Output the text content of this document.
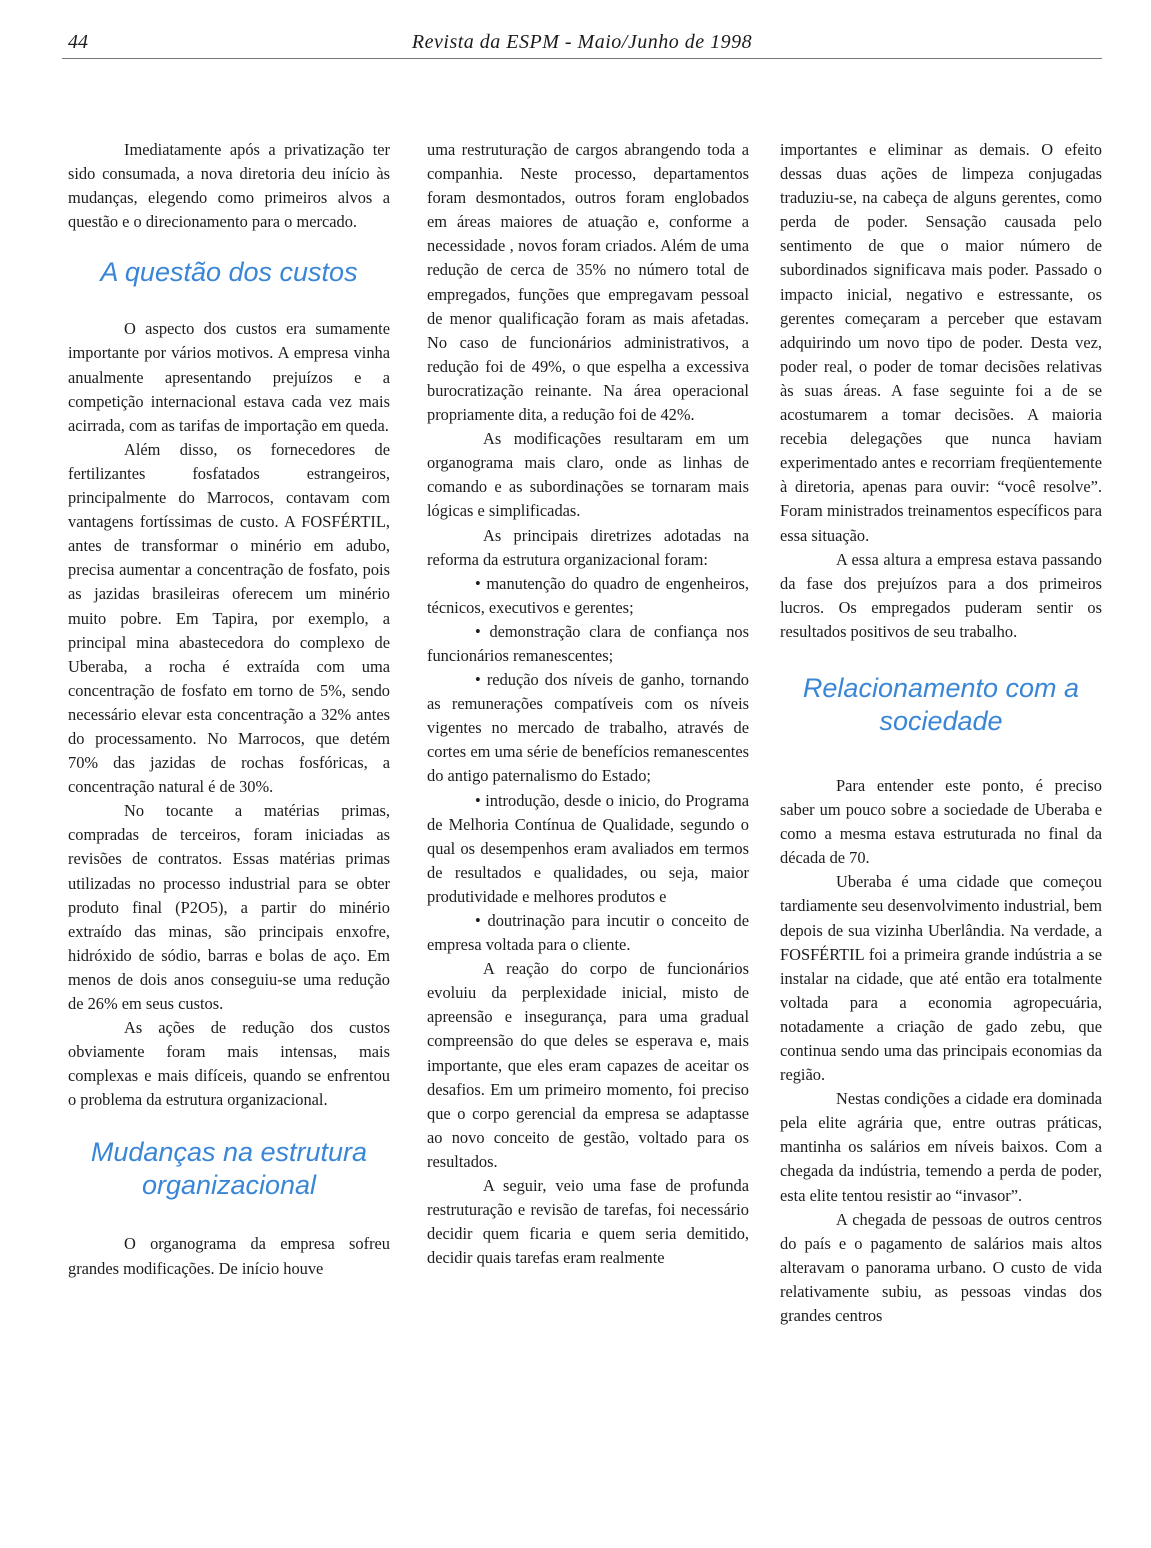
44	Revista da ESPM - Maio/Junho de 1998

Imediatamente após a privatização ter sido consumada, a nova diretoria deu início às mudanças, elegendo como primeiros alvos a questão e o direcionamento para o mercado.

A questão dos custos

O aspecto dos custos era sumamente importante por vários motivos. A empresa vinha anualmente apresentando prejuízos e a competição internacional estava cada vez mais acirrada, com as tarifas de importação em queda.

Além disso, os fornecedores de fertilizantes fosfatados estrangeiros, principalmente do Marrocos, contavam com vantagens fortíssimas de custo. A FOSFÉRTIL, antes de transformar o minério em adubo, precisa aumentar a concentração de fosfato, pois as jazidas brasileiras oferecem um minério muito pobre. Em Tapira, por exemplo, a principal mina abastecedora do complexo de Uberaba, a rocha é extraída com uma concentração de fosfato em torno de 5%, sendo necessário elevar esta concentração a 32% antes do processamento. No Marrocos, que detém 70% das jazidas de rochas fosfóricas, a concentração natural é de 30%.

No tocante a matérias primas, compradas de terceiros, foram iniciadas as revisões de contratos. Essas matérias primas utilizadas no processo industrial para se obter produto final (P2O5), a partir do minério extraído das minas, são principais enxofre, hidróxido de sódio, barras e bolas de aço. Em menos de dois anos conseguiu-se uma redução de 26% em seus custos.

As ações de redução dos custos obviamente foram mais intensas, mais complexas e mais difíceis, quando se enfrentou o problema da estrutura organizacional.

Mudanças na estrutura organizacional

O organograma da empresa sofreu grandes modificações. De início houve

uma restruturação de cargos abrangendo toda a companhia. Neste processo, departamentos foram desmontados, outros foram englobados em áreas maiores de atuação e, conforme a necessidade , novos foram criados. Além de uma redução de cerca de 35% no número total de empregados, funções que empregavam pessoal de menor qualificação foram as mais afetadas. No caso de funcionários administrativos, a redução foi de 49%, o que espelha a excessiva burocratização reinante. Na área operacional propriamente dita, a redução foi de 42%.

As modificações resultaram em um organograma mais claro, onde as linhas de comando e as subordinações se tornaram mais lógicas e simplificadas.

As principais diretrizes adotadas na reforma da estrutura organizacional foram:

• manutenção do quadro de engenheiros, técnicos, executivos e gerentes;

• demonstração clara de confiança nos funcionários remanescentes;

• redução dos níveis de ganho, tornando as remunerações compatíveis com os níveis vigentes no mercado de trabalho, através de cortes em uma série de benefícios remanescentes do antigo paternalismo do Estado;

• introdução, desde o inicio, do Programa de Melhoria Contínua de Qualidade, segundo o qual os desempenhos eram avaliados em termos de resultados e qualidades, ou seja, maior produtividade e melhores produtos e

• doutrinação para incutir o conceito de empresa voltada para o cliente.

A reação do corpo de funcionários evoluiu da perplexidade inicial, misto de apreensão e insegurança, para uma gradual compreensão do que deles se esperava e, mais importante, que eles eram capazes de aceitar os desafios. Em um primeiro momento, foi preciso que o corpo gerencial da empresa se adaptasse ao novo conceito de gestão, voltado para os resultados.

A seguir, veio uma fase de profunda restruturação e revisão de tarefas, foi necessário decidir quem ficaria e quem seria demitido, decidir quais tarefas eram realmente

importantes e eliminar as demais. O efeito dessas duas ações de limpeza conjugadas traduziu-se, na cabeça de alguns gerentes, como perda de poder. Sensação causada pelo sentimento de que o maior número de subordinados significava mais poder. Passado o impacto inicial, negativo e estressante, os gerentes começaram a perceber que estavam adquirindo um novo tipo de poder. Desta vez, poder real, o poder de tomar decisões relativas às suas áreas. A fase seguinte foi a de se acostumarem a tomar decisões. A maioria recebia delegações que nunca haviam experimentado antes e recorriam freqüentemente à diretoria, apenas para ouvir: “você resolve”. Foram ministrados treinamentos específicos para essa situação.

A essa altura a empresa estava passando da fase dos prejuízos para a dos primeiros lucros. Os empregados puderam sentir os resultados positivos de seu trabalho.

Relacionamento com a sociedade

Para entender este ponto, é preciso saber um pouco sobre a sociedade de Uberaba e como a mesma estava estruturada no final da década de 70.

Uberaba é uma cidade que começou tardiamente seu desenvolvimento industrial, bem depois de sua vizinha Uberlândia. Na verdade, a FOSFÉRTIL foi a primeira grande indústria a se instalar na cidade, que até então era totalmente voltada para a economia agropecuária, notadamente a criação de gado zebu, que continua sendo uma das principais economias da região.

Nestas condições a cidade era dominada pela elite agrária que, entre outras práticas, mantinha os salários em níveis baixos. Com a chegada da indústria, temendo a perda de poder, esta elite tentou resistir ao “invasor”.

A chegada de pessoas de outros centros do país e o pagamento de salários mais altos alteravam o panorama urbano. O custo de vida relativamente subiu, as pessoas vindas dos grandes centros
